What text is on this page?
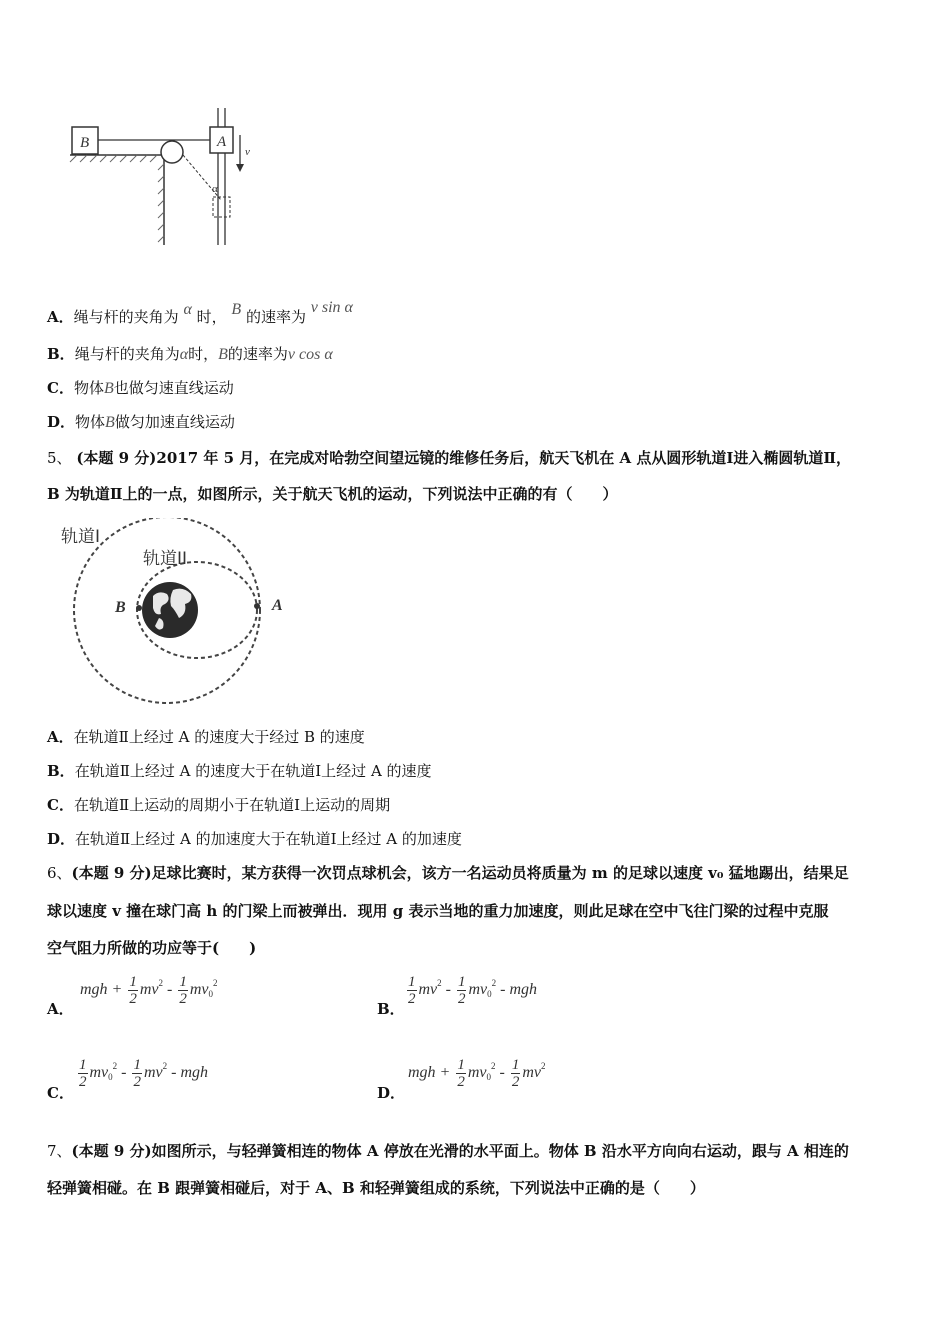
B	A
α
v
A．绳与杆的夹角为 α 时， B 的速率为 v sin α
B．绳与杆的夹角为α时，B的速率为v cos α
C．物体B也做匀速直线运动
D．物体B做匀加速直线运动
5、 (本题 9 分)2017 年 5 月，在完成对哈勃空间望远镜的维修任务后，航天飞机在 A 点从圆形轨道Ⅰ进入椭圆轨道Ⅱ，
B 为轨道Ⅱ上的一点，如图所示，关于航天飞机的运动，下列说法中正确的有（　　）
轨道I
轨道II
B	A
A．在轨道Ⅱ上经过 A 的速度大于经过 B 的速度
B．在轨道Ⅱ上经过 A 的速度大于在轨道Ⅰ上经过 A 的速度
C．在轨道Ⅱ上运动的周期小于在轨道Ⅰ上运动的周期
D．在轨道Ⅱ上经过 A 的加速度大于在轨道Ⅰ上经过 A 的加速度
6、(本题 9 分)足球比赛时，某方获得一次罚点球机会，该方一名运动员将质量为 m 的足球以速度 v₀ 猛地踢出，结果足
球以速度 v 撞在球门高 h 的门梁上而被弹出．现用 g 表示当地的重力加速度，则此足球在空中飞往门梁的过程中克服
空气阻力所做的功应等于(　　)
A．
mgh + $\frac{1}{2} mv^2 - \frac{1}{2} mv_0^2$
B．
$\frac{1}{2} mv^2 - \frac{1}{2} mv_0^2$ - mgh
C．
$\frac{1}{2} mv_0^2 - \frac{1}{2} mv^2$ - mgh
D．
mgh + $\frac{1}{2} mv_0^2 - \frac{1}{2} mv^2$
7、(本题 9 分)如图所示，与轻弹簧相连的物体 A 停放在光滑的水平面上。物体 B 沿水平方向向右运动，跟与 A 相连的
轻弹簧相碰。在 B 跟弹簧相碰后，对于 A、B 和轻弹簧组成的系统，下列说法中正确的是（　　）
